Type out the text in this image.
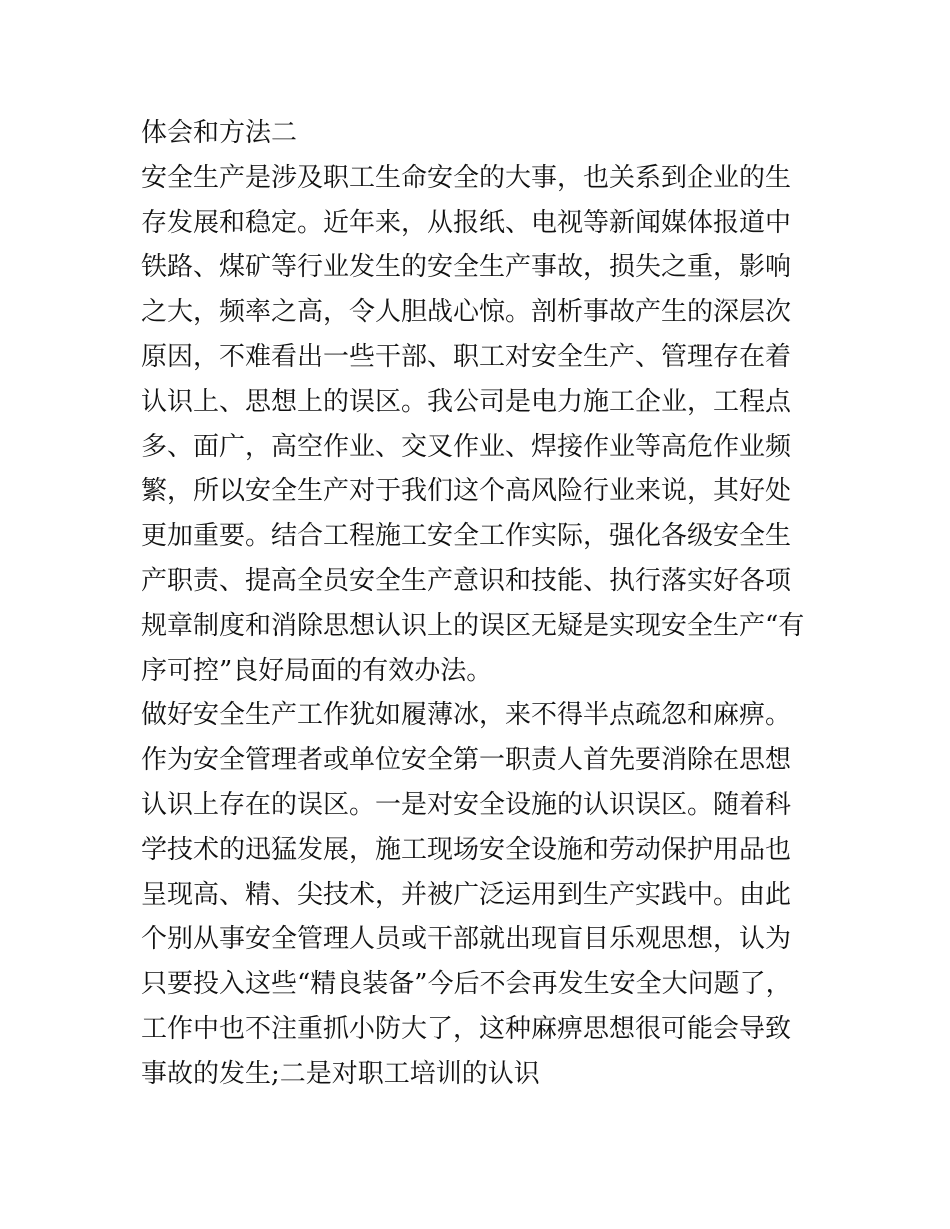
体会和方法二

安全生产是涉及职工生命安全的大事，也关系到企业的生存发展和稳定。近年来，从报纸、电视等新闻媒体报道中铁路、煤矿等行业发生的安全生产事故，损失之重，影响之大，频率之高，令人胆战心惊。剖析事故产生的深层次原因，不难看出一些干部、职工对安全生产、管理存在着认识上、思想上的误区。我公司是电力施工企业，工程点多、面广，高空作业、交叉作业、焊接作业等高危作业频繁，所以安全生产对于我们这个高风险行业来说，其好处更加重要。结合工程施工安全工作实际，强化各级安全生产职责、提高全员安全生产意识和技能、执行落实好各项规章制度和消除思想认识上的误区无疑是实现安全生产“有序可控”良好局面的有效办法。

做好安全生产工作犹如履薄冰，来不得半点疏忽和麻痹。作为安全管理者或单位安全第一职责人首先要消除在思想认识上存在的误区。一是对安全设施的认识误区。随着科学技术的迅猛发展，施工现场安全设施和劳动保护用品也呈现高、精、尖技术，并被广泛运用到生产实践中。由此个别从事安全管理人员或干部就出现盲目乐观思想，认为只要投入这些“精良装备”今后不会再发生安全大问题了，工作中也不注重抓小防大了，这种麻痹思想很可能会导致事故的发生;二是对职工培训的认识
